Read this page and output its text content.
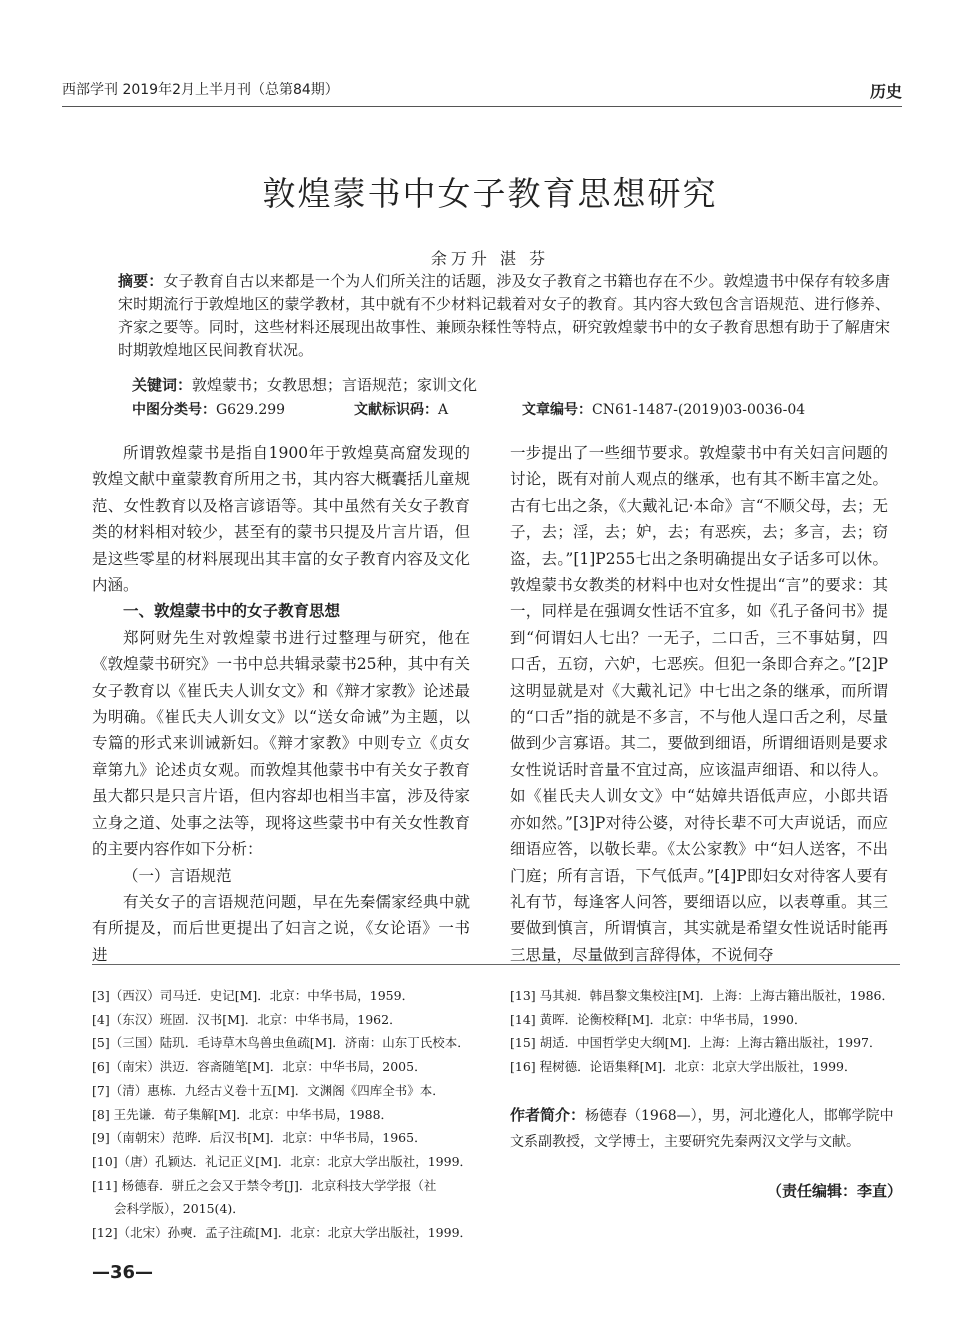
西部学刊 2019年2月上半月刊（总第84期）	历史
敦煌蒙书中女子教育思想研究
余万升 湛 芬
摘要：女子教育自古以来都是一个为人们所关注的话题，涉及女子教育之书籍也存在不少。敦煌遗书中保存有较多唐宋时期流行于敦煌地区的蒙学教材，其中就有不少材料记载着对女子的教育。其内容大致包含言语规范、进行修养、齐家之要等。同时，这些材料还展现出故事性、兼顾杂糅性等特点，研究敦煌蒙书中的女子教育思想有助于了解唐宋时期敦煌地区民间教育状况。
关键词：敦煌蒙书；女教思想；言语规范；家训文化
中图分类号：G629.299	文献标识码：A	文章编号：CN61-1487-(2019)03-0036-04

所谓敦煌蒙书是指自1900年于敦煌莫高窟发现的敦煌文献中童蒙教育所用之书，其内容大概囊括儿童规范、女性教育以及格言谚语等。其中虽然有关女子教育类的材料相对较少，甚至有的蒙书只提及片言片语，但是这些零星的材料展现出其丰富的女子教育内容及文化内涵。

一、敦煌蒙书中的女子教育思想

郑阿财先生对敦煌蒙书进行过整理与研究，他在《敦煌蒙书研究》一书中总共辑录蒙书25种，其中有关女子教育以《崔氏夫人训女文》和《辩才家教》论述最为明确。《崔氏夫人训女文》以“送女命诫”为主题，以专篇的形式来训诫新妇。《辩才家教》中则专立《贞女章第九》论述贞女观。而敦煌其他蒙书中有关女子教育虽大都只是只言片语，但内容却也相当丰富，涉及待家立身之道、处事之法等，现将这些蒙书中有关女性教育的主要内容作如下分析：

（一）言语规范

有关女子的言语规范问题，早在先秦儒家经典中就有所提及，而后世更提出了妇言之说，《女论语》一书进

一步提出了一些细节要求。敦煌蒙书中有关妇言问题的讨论，既有对前人观点的继承，也有其不断丰富之处。古有七出之条，《大戴礼记·本命》言“不顺父母，去；无子，去；淫，去；妒，去；有恶疾，去；多言，去；窃盗，去。”[1]P255七出之条明确提出女子话多可以休。敦煌蒙书女教类的材料中也对女性提出“言”的要求：其一，同样是在强调女性话不宜多，如《孔子备问书》提到“何谓妇人七出？一无子，二口舌，三不事姑舅，四口舌，五窃，六妒，七恶疾。但犯一条即合弃之。”[2]P这明显就是对《大戴礼记》中七出之条的继承，而所谓的“口舌”指的就是不多言，不与他人逞口舌之利，尽量做到少言寡语。其二，要做到细语，所谓细语则是要求女性说话时音量不宜过高，应该温声细语、和以待人。如《崔氏夫人训女文》中“姑嫜共语低声应，小郎共语亦如然。”[3]P对待公婆，对待长辈不可大声说话，而应细语应答，以敬长辈。《太公家教》中“妇人送客，不出门庭；所有言语，下气低声。”[4]P即妇女对待客人要有礼有节，每逢客人问答，要细语以应，以表尊重。其三要做到慎言，所谓慎言，其实就是希望女性说话时能再三思量，尽量做到言辞得体，不说伺夺

[3]（西汉）司马迁．史记[M]．北京：中华书局，1959．
[4]（东汉）班固．汉书[M]．北京：中华书局，1962．
[5]（三国）陆玑．毛诗草木鸟兽虫鱼疏[M]．济南：山东丁氏校本．
[6]（南宋）洪迈．容斋随笔[M]．北京：中华书局，2005．
[7]（清）惠栋．九经古义卷十五[M]．文渊阁《四库全书》本．
[8] 王先谦．荀子集解[M]．北京：中华书局，1988．
[9]（南朝宋）范晔．后汉书[M]．北京：中华书局，1965．
[10]（唐）孔颖达．礼记正义[M]．北京：北京大学出版社，1999．
[11] 杨德春．骈丘之会又于禁令考[J]．北京科技大学学报（社
会科学版），2015(4)．
[12]（北宋）孙奭．孟子注疏[M]．北京：北京大学出版社，1999．
[13] 马其昶．韩昌黎文集校注[M]．上海：上海古籍出版社，1986．
[14] 黄晖．论衡校释[M]．北京：中华书局，1990．
[15] 胡适．中国哲学史大纲[M]．上海：上海古籍出版社，1997．
[16] 程树德．论语集释[M]．北京：北京大学出版社，1999．
作者简介：杨德春（1968—），男，河北遵化人，邯郸学院中文系副教授，文学博士，主要研究先秦两汉文学与文献。
（责任编辑：李直）
—36—
